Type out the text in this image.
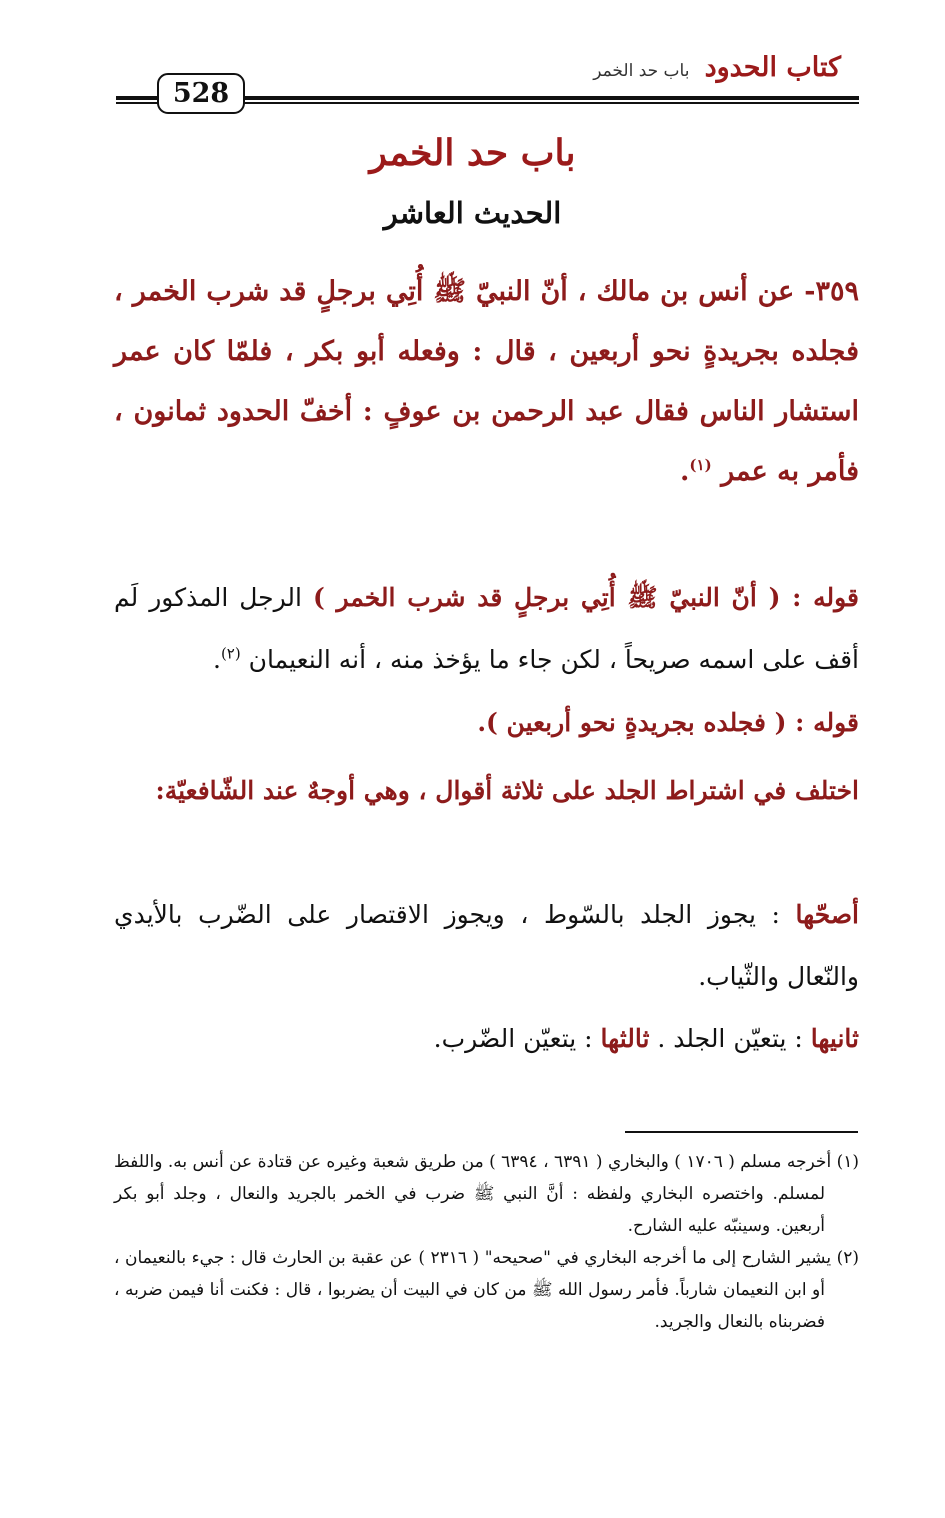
كتاب الحدود باب حد الخمر
528
باب حد الخمر
الحديث العاشر
٣٥٩- عن أنس بن مالك ، أنّ النبيّ ﷺ أُتِي برجلٍ قد شرب الخمر ، فجلده بجريدةٍ نحو أربعين ، قال : وفعله أبو بكر ، فلمّا كان عمر استشار الناس فقال عبد الرحمن بن عوفٍ : أخفّ الحدود ثمانون ، فأمر به عمر $^{(١)}$.
قوله : ( أنّ النبيّ ﷺ أُتِي برجلٍ قد شرب الخمر ) الرجل المذكور لَم أقف على اسمه صريحاً ، لكن جاء ما يؤخذ منه ، أنه النعيمان $^{(٢)}$.
قوله : ( فجلده بجريدةٍ نحو أربعين ).
اختلف في اشتراط الجلد على ثلاثة أقوال ، وهي أوجهٌ عند الشّافعيّة:
أصحّها : يجوز الجلد بالسّوط ، ويجوز الاقتصار على الضّرب بالأيدي والنّعال والثّياب.
ثانيها : يتعيّن الجلد . ثالثها : يتعيّن الضّرب.

(١) أخرجه مسلم ( ١٧٠٦ ) والبخاري ( ٦٣٩١ ، ٦٣٩٤ ) من طريق شعبة وغيره عن قتادة عن أنس به. واللفظ لمسلم. واختصره البخاري ولفظه : أنَّ النبي ﷺ ضرب في الخمر بالجريد والنعال ، وجلد أبو بكر أربعين. وسينبّه عليه الشارح.

(٢) يشير الشارح إلى ما أخرجه البخاري في "صحيحه" ( ٢٣١٦ ) عن عقبة بن الحارث قال : جيء بالنعيمان ، أو ابن النعيمان شارباً. فأمر رسول الله ﷺ من كان في البيت أن يضربوا ، قال : فكنت أنا فيمن ضربه ، فضربناه بالنعال والجريد.
